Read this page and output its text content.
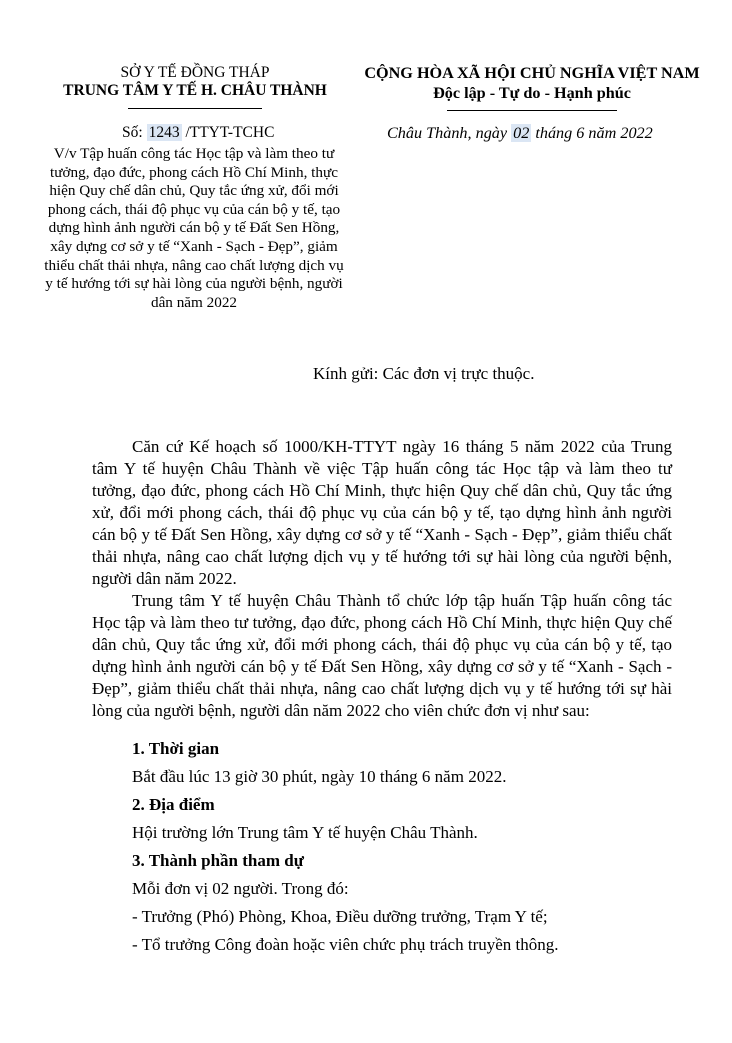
SỞ Y TẾ ĐỒNG THÁP
TRUNG TÂM Y TẾ H. CHÂU THÀNH
Số: 1243 /TTYT-TCHC
V/v Tập huấn công tác Học tập và làm theo tư tưởng, đạo đức, phong cách Hồ Chí Minh, thực hiện Quy chế dân chủ, Quy tắc ứng xử, đổi mới phong cách, thái độ phục vụ của cán bộ y tế, tạo dựng hình ảnh người cán bộ y tế Đất Sen Hồng, xây dựng cơ sở y tế “Xanh - Sạch - Đẹp”, giảm thiểu chất thải nhựa, nâng cao chất lượng dịch vụ y tế hướng tới sự hài lòng của người bệnh, người dân năm 2022
CỘNG HÒA XÃ HỘI CHỦ NGHĨA VIỆT NAM
Độc lập - Tự do - Hạnh phúc
Châu Thành, ngày 02 tháng 6 năm 2022
Kính gửi: Các đơn vị trực thuộc.
Căn cứ Kế hoạch số 1000/KH-TTYT ngày 16 tháng 5 năm 2022 của Trung tâm Y tế huyện Châu Thành về việc Tập huấn công tác Học tập và làm theo tư tưởng, đạo đức, phong cách Hồ Chí Minh, thực hiện Quy chế dân chủ, Quy tắc ứng xử, đổi mới phong cách, thái độ phục vụ của cán bộ y tế, tạo dựng hình ảnh người cán bộ y tế Đất Sen Hồng, xây dựng cơ sở y tế “Xanh - Sạch - Đẹp”, giảm thiểu chất thải nhựa, nâng cao chất lượng dịch vụ y tế hướng tới sự hài lòng của người bệnh, người dân năm 2022.
Trung tâm Y tế huyện Châu Thành tổ chức lớp tập huấn Tập huấn công tác Học tập và làm theo tư tưởng, đạo đức, phong cách Hồ Chí Minh, thực hiện Quy chế dân chủ, Quy tắc ứng xử, đổi mới phong cách, thái độ phục vụ của cán bộ y tế, tạo dựng hình ảnh người cán bộ y tế Đất Sen Hồng, xây dựng cơ sở y tế “Xanh - Sạch - Đẹp”, giảm thiểu chất thải nhựa, nâng cao chất lượng dịch vụ y tế hướng tới sự hài lòng của người bệnh, người dân năm 2022 cho viên chức đơn vị như sau:
1. Thời gian
Bắt đầu lúc 13 giờ 30 phút, ngày 10 tháng 6 năm 2022.
2. Địa điểm
Hội trường lớn Trung tâm Y tế huyện Châu Thành.
3. Thành phần tham dự
Mỗi đơn vị 02 người. Trong đó:
- Trưởng (Phó) Phòng, Khoa, Điều dưỡng trưởng, Trạm Y tế;
- Tổ trưởng Công đoàn hoặc viên chức phụ trách truyền thông.
